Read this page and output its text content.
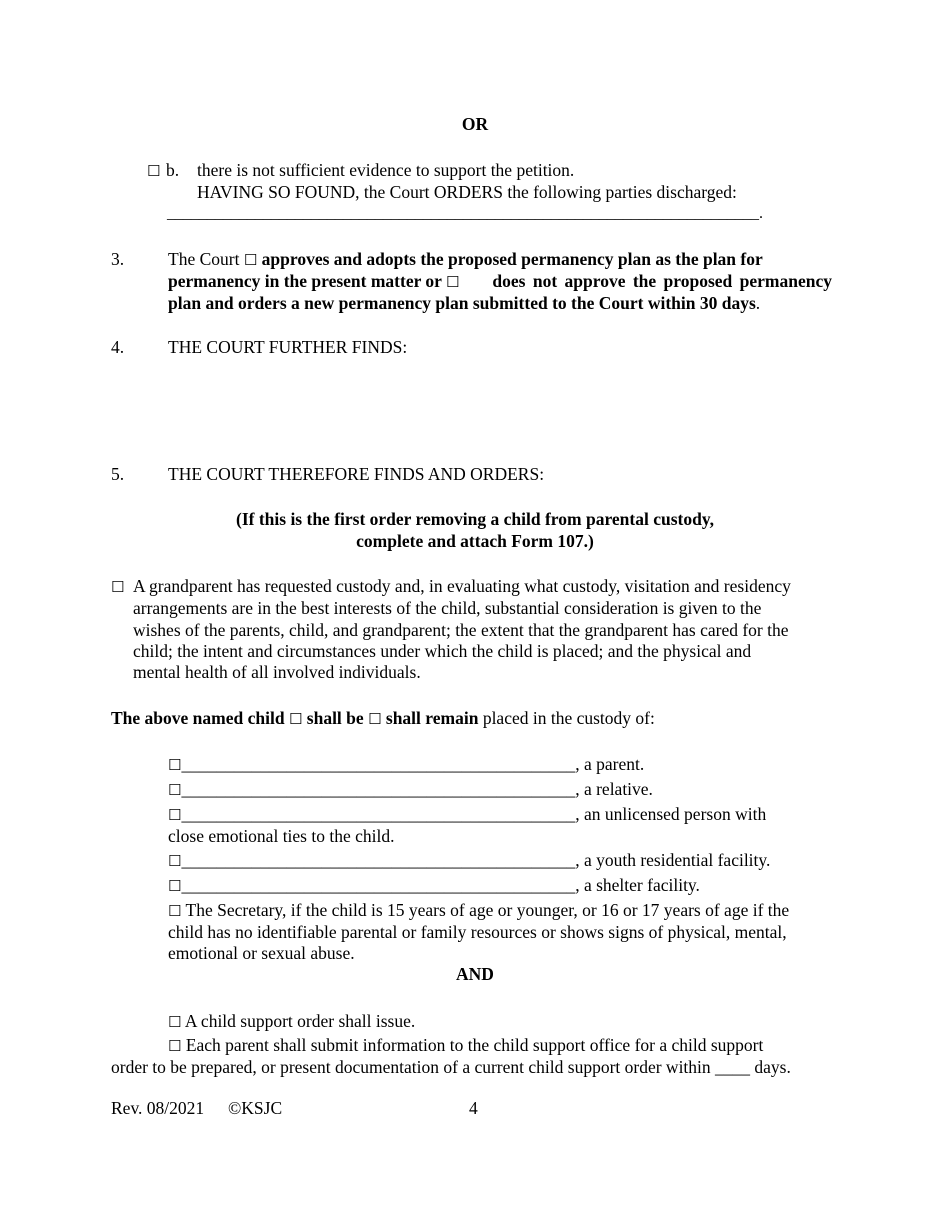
OR
☐ b. there is not sufficient evidence to support the petition.
HAVING SO FOUND, the Court ORDERS the following parties discharged:
__________________________________________________________________________.
3.	The Court ☐ approves and adopts the proposed permanency plan as the plan for
permanency in the present matter or ☐ does not approve the proposed permanency
plan and orders a new permanency plan submitted to the Court within 30 days.
4.	THE COURT FURTHER FINDS:
5.	THE COURT THEREFORE FINDS AND ORDERS:
(If this is the first order removing a child from parental custody,
complete and attach Form 107.)
☐ A grandparent has requested custody and, in evaluating what custody, visitation and residency
arrangements are in the best interests of the child, substantial consideration is given to the
wishes of the parents, child, and grandparent; the extent that the grandparent has cared for the
child; the intent and circumstances under which the child is placed; and the physical and
mental health of all involved individuals.
The above named child ☐ shall be ☐ shall remain placed in the custody of:
☐_____________________________________________, a parent.
☐_____________________________________________, a relative.
☐_____________________________________________, an unlicensed person with
close emotional ties to the child.
☐_____________________________________________, a youth residential facility.
☐_____________________________________________, a shelter facility.
☐ The Secretary, if the child is 15 years of age or younger, or 16 or 17 years of age if the
child has no identifiable parental or family resources or shows signs of physical, mental,
emotional or sexual abuse.
AND
☐ A child support order shall issue.
☐ Each parent shall submit information to the child support office for a child support
order to be prepared, or present documentation of a current child support order within ____ days.
Rev. 08/2021 ©KSJC	4
